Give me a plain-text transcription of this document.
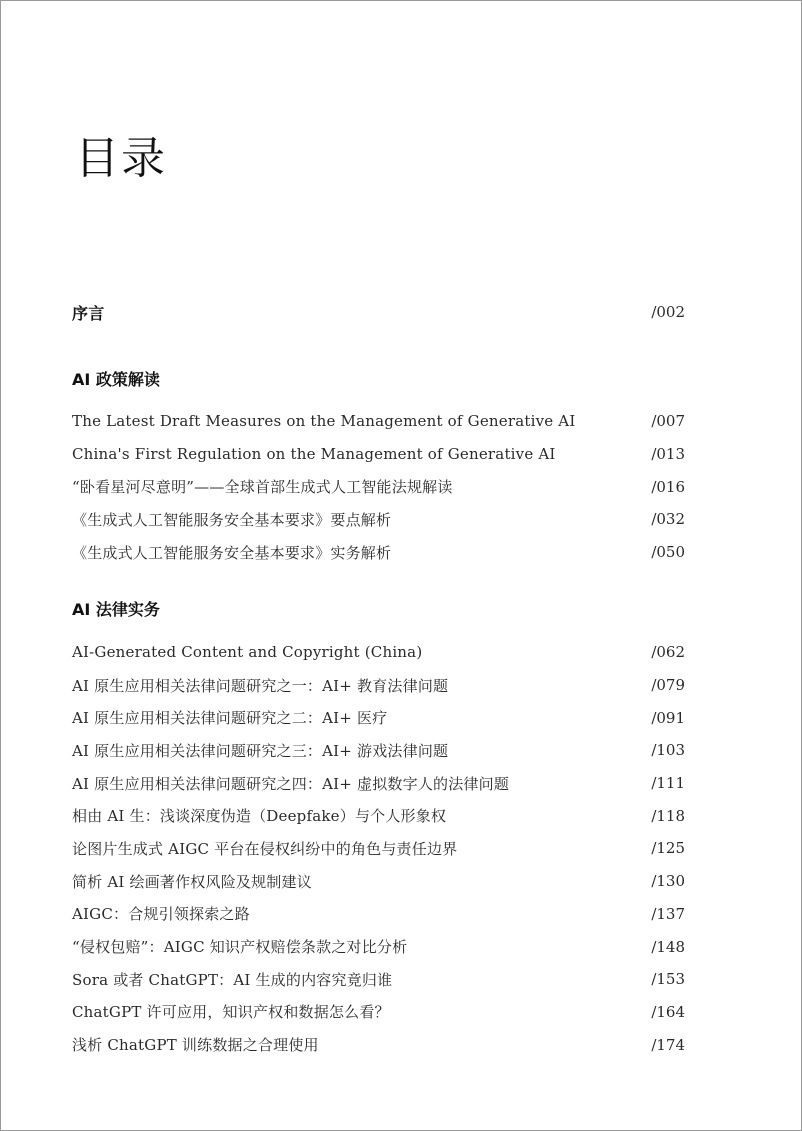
目录
序言	/002
AI 政策解读
The Latest Draft Measures on the Management of Generative AI	/007
China's First Regulation on the Management of Generative AI	/013
“卧看星河尽意明”——全球首部生成式人工智能法规解读	/016
《生成式人工智能服务安全基本要求》要点解析	/032
《生成式人工智能服务安全基本要求》实务解析	/050
AI 法律实务
AI-Generated Content and Copyright (China)	/062
AI 原生应用相关法律问题研究之一：AI+ 教育法律问题	/079
AI 原生应用相关法律问题研究之二：AI+ 医疗	/091
AI 原生应用相关法律问题研究之三：AI+ 游戏法律问题	/103
AI 原生应用相关法律问题研究之四：AI+ 虚拟数字人的法律问题	/111
相由 AI 生：浅谈深度伪造（Deepfake）与个人形象权	/118
论图片生成式 AIGC 平台在侵权纠纷中的角色与责任边界	/125
简析 AI 绘画著作权风险及规制建议	/130
AIGC：合规引领探索之路	/137
“侵权包赔”：AIGC 知识产权赔偿条款之对比分析	/148
Sora 或者 ChatGPT：AI 生成的内容究竟归谁	/153
ChatGPT 许可应用，知识产权和数据怎么看？	/164
浅析 ChatGPT 训练数据之合理使用	/174
